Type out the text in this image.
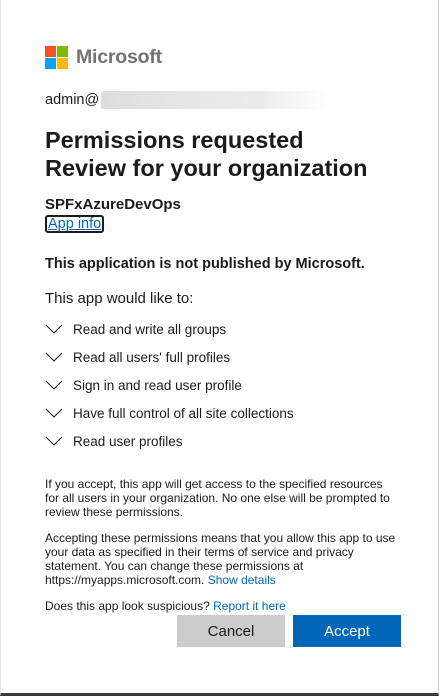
Microsoft
admin@
Permissions requested
Review for your organization
SPFxAzureDevOps
App info
This application is not published by Microsoft.
This app would like to:
Read and write all groups
Read all users' full profiles
Sign in and read user profile
Have full control of all site collections
Read user profiles

If you accept, this app will get access to the specified resources for all users in your organization. No one else will be prompted to review these permissions.

Accepting these permissions means that you allow this app to use your data as specified in their terms of service and privacy statement. You can change these permissions at https://myapps.microsoft.com. Show details

Does this app look suspicious? Report it here

Cancel	Accept
